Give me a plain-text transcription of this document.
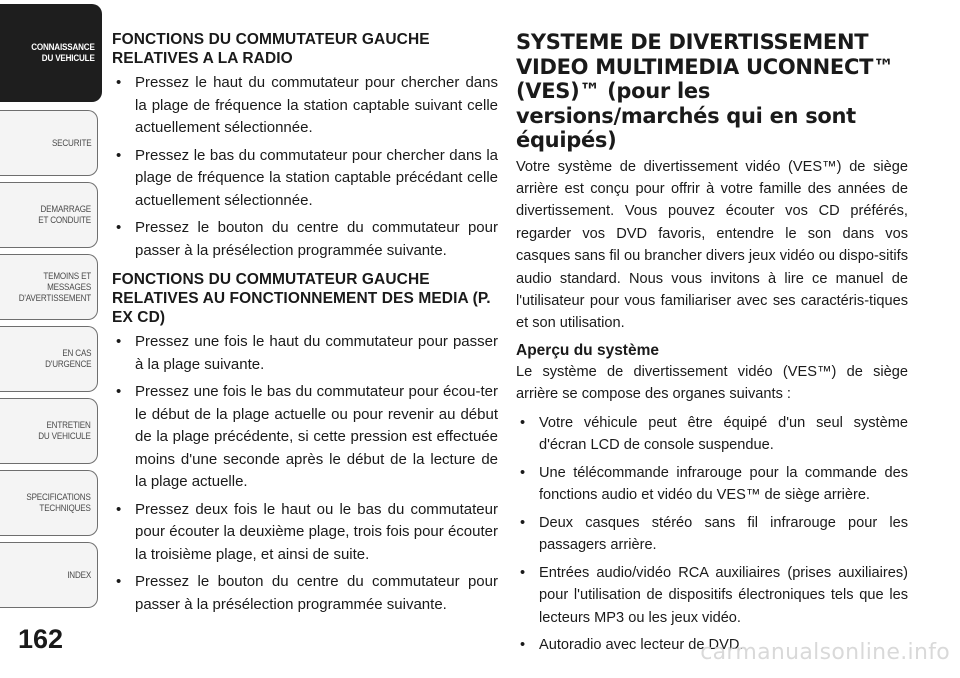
CONNAISSANCE
DU VEHICULE
SECURITE
DEMARRAGE
ET CONDUITE
TEMOINS ET
MESSAGES
D'AVERTISSEMENT
EN CAS
D'URGENCE
ENTRETIEN
DU VEHICULE
SPECIFICATIONS
TECHNIQUES
INDEX
162
FONCTIONS DU COMMUTATEUR GAUCHE RELATIVES A LA RADIO
• Pressez le haut du commutateur pour chercher dans la plage de fréquence la station captable suivant celle actuellement sélectionnée.
• Pressez le bas du commutateur pour chercher dans la plage de fréquence la station captable précédant celle actuellement sélectionnée.
• Pressez le bouton du centre du commutateur pour passer à la présélection programmée suivante.
FONCTIONS DU COMMUTATEUR GAUCHE RELATIVES AU FONCTIONNEMENT DES MEDIA (P. EX CD)
• Pressez une fois le haut du commutateur pour passer à la plage suivante.
• Pressez une fois le bas du commutateur pour écou-ter le début de la plage actuelle ou pour revenir au début de la plage précédente, si cette pression est effectuée moins d'une seconde après le début de la lecture de la plage actuelle.
• Pressez deux fois le haut ou le bas du commutateur pour écouter la deuxième plage, trois fois pour écouter la troisième plage, et ainsi de suite.
• Pressez le bouton du centre du commutateur pour passer à la présélection programmée suivante.
SYSTEME DE DIVERTISSEMENT VIDEO MULTIMEDIA UCONNECT™ (VES)™ (pour les versions/marchés qui en sont équipés)

Votre système de divertissement vidéo (VES™) de siège arrière est conçu pour offrir à votre famille des années de divertissement. Vous pouvez écouter vos CD préférés, regarder vos DVD favoris, entendre le son dans vos casques sans fil ou brancher divers jeux vidéo ou dispo-sitifs audio standard. Nous vous invitons à lire ce manuel de l'utilisateur pour vous familiariser avec ses caractéris-tiques et son utilisation.

Aperçu du système

Le système de divertissement vidéo (VES™) de siège arrière se compose des organes suivants :

• Votre véhicule peut être équipé d'un seul système d'écran LCD de console suspendue.
• Une télécommande infrarouge pour la commande des fonctions audio et vidéo du VES™ de siège arrière.
• Deux casques stéréo sans fil infrarouge pour les passagers arrière.
• Entrées audio/vidéo RCA auxiliaires (prises auxiliaires) pour l'utilisation de dispositifs électroniques tels que les lecteurs MP3 ou les jeux vidéo.
• Autoradio avec lecteur de DVD.
carmanualsonline.info
